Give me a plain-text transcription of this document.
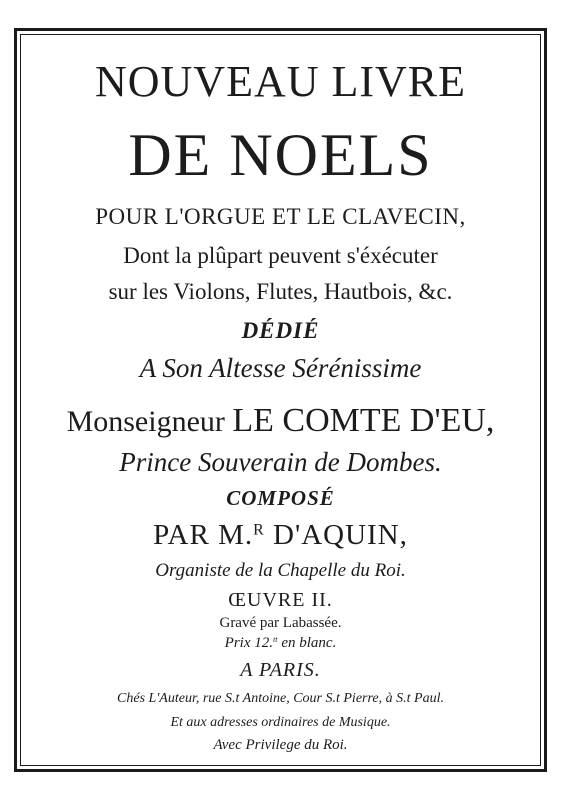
NOUVEAU LIVRE
DE NOELS
POUR L'ORGUE ET LE CLAVECIN,
Dont la plûpart peuvent s'éxécuter
sur les Violons, Flutes, Hautbois, &c.
DÉDIÉ
A Son Altesse Sérénissime
Monseigneur LE COMTE D'EU,
Prince Souverain de Dombes.
COMPOSÉ
PAR M.$^R$ D'AQUIN,
Organiste de la Chapelle du Roi.
ŒUVRE II.
Gravé par Labassée.
Prix 12.$^{tt}$ en blanc.
A PARIS.
Chés L'Auteur, rue S.t Antoine, Cour S.t Pierre, à S.t Paul.
Et aux adresses ordinaires de Musique.
Avec Privilege du Roi.
